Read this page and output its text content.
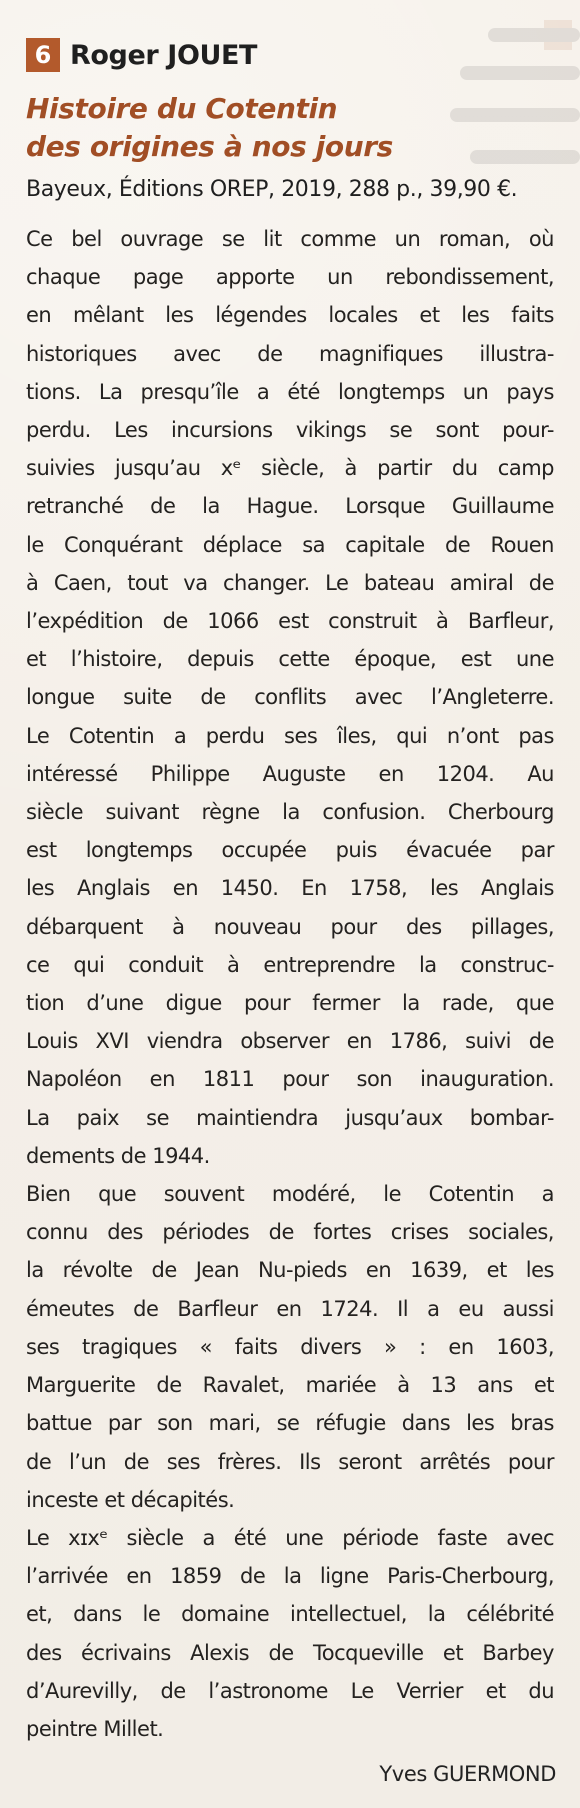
6 Roger JOUET
Histoire du Cotentin
des origines à nos jours
Bayeux, Éditions OREP, 2019, 288 p., 39,90 €.
Ce bel ouvrage se lit comme un roman, où
chaque page apporte un rebondissement,
en mêlant les légendes locales et les faits
historiques avec de magnifiques illustra-
tions. La presqu’île a été longtemps un pays
perdu. Les incursions vikings se sont pour-
suivies jusqu’au xᵉ siècle, à partir du camp
retranché de la Hague. Lorsque Guillaume
le Conquérant déplace sa capitale de Rouen
à Caen, tout va changer. Le bateau amiral de
l’expédition de 1066 est construit à Barfleur,
et l’histoire, depuis cette époque, est une
longue suite de conflits avec l’Angleterre.
Le Cotentin a perdu ses îles, qui n’ont pas
intéressé Philippe Auguste en 1204. Au
siècle suivant règne la confusion. Cherbourg
est longtemps occupée puis évacuée par
les Anglais en 1450. En 1758, les Anglais
débarquent à nouveau pour des pillages,
ce qui conduit à entreprendre la construc-
tion d’une digue pour fermer la rade, que
Louis XVI viendra observer en 1786, suivi de
Napoléon en 1811 pour son inauguration.
La paix se maintiendra jusqu’aux bombar-
dements de 1944.
Bien que souvent modéré, le Cotentin a
connu des périodes de fortes crises sociales,
la révolte de Jean Nu-pieds en 1639, et les
émeutes de Barfleur en 1724. Il a eu aussi
ses tragiques « faits divers » : en 1603,
Marguerite de Ravalet, mariée à 13 ans et
battue par son mari, se réfugie dans les bras
de l’un de ses frères. Ils seront arrêtés pour
inceste et décapités.
Le xɪxᵉ siècle a été une période faste avec
l’arrivée en 1859 de la ligne Paris-Cherbourg,
et, dans le domaine intellectuel, la célébrité
des écrivains Alexis de Tocqueville et Barbey
d’Aurevilly, de l’astronome Le Verrier et du
peintre Millet.
Yves GUERMOND
